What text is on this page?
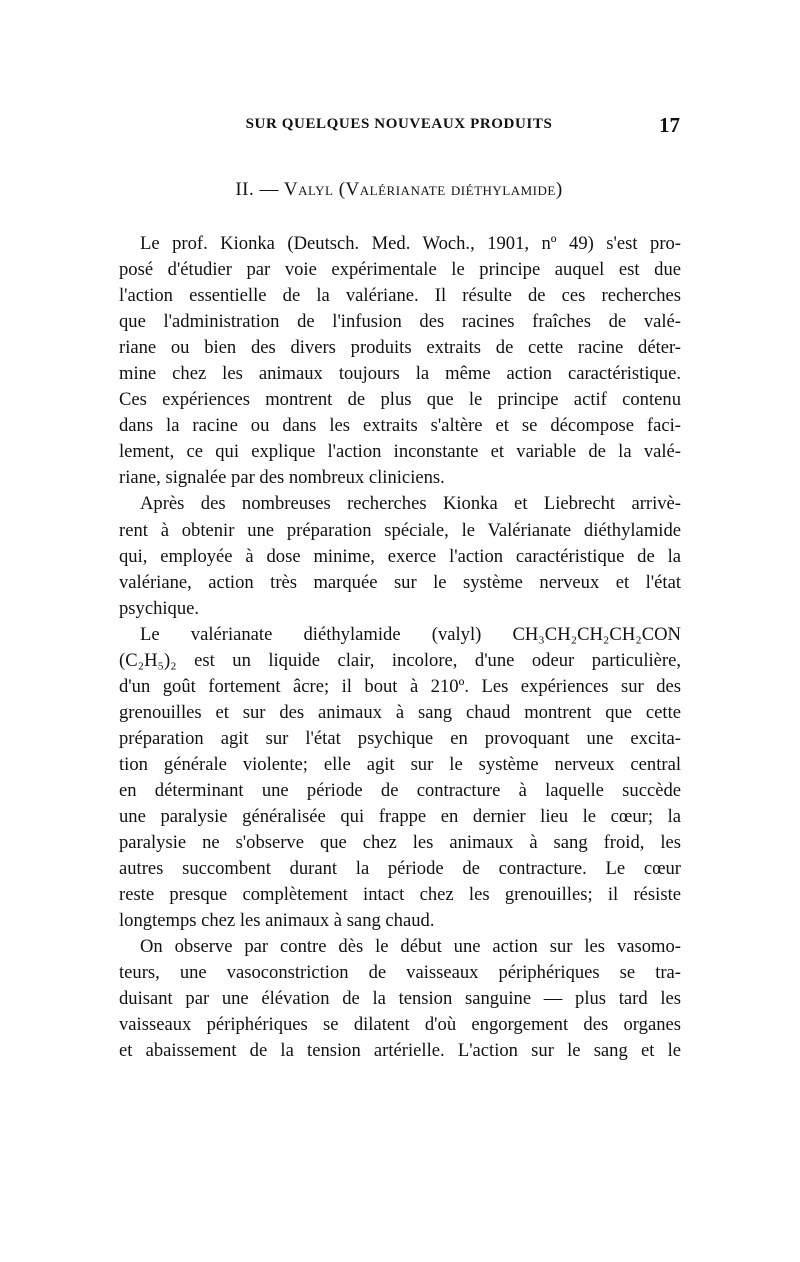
SUR QUELQUES NOUVEAUX PRODUITS	17
II. — Valyl (Valérianate diéthylamide)
Le prof. Kionka (Deutsch. Med. Woch., 1901, nº 49) s'est pro-
posé d'étudier par voie expérimentale le principe auquel est due
l'action essentielle de la valériane. Il résulte de ces recherches
que l'administration de l'infusion des racines fraîches de valé-
riane ou bien des divers produits extraits de cette racine déter-
mine chez les animaux toujours la même action caractéristique.
Ces expériences montrent de plus que le principe actif contenu
dans la racine ou dans les extraits s'altère et se décompose faci-
lement, ce qui explique l'action inconstante et variable de la valé-
riane, signalée par des nombreux cliniciens.
Après des nombreuses recherches Kionka et Liebrecht arrivè-
rent à obtenir une préparation spéciale, le Valérianate diéthylamide
qui, employée à dose minime, exerce l'action caractéristique de la
valériane, action très marquée sur le système nerveux et l'état
psychique.
Le valérianate diéthylamide (valyl) CH₃CH₂CH₂CH₂CON
(C₂H₅)₂ est un liquide clair, incolore, d'une odeur particulière,
d'un goût fortement âcre; il bout à 210º. Les expériences sur des
grenouilles et sur des animaux à sang chaud montrent que cette
préparation agit sur l'état psychique en provoquant une excita-
tion générale violente; elle agit sur le système nerveux central
en déterminant une période de contracture à laquelle succède
une paralysie généralisée qui frappe en dernier lieu le cœur; la
paralysie ne s'observe que chez les animaux à sang froid, les
autres succombent durant la période de contracture. Le cœur
reste presque complètement intact chez les grenouilles; il résiste
longtemps chez les animaux à sang chaud.
On observe par contre dès le début une action sur les vasomo-
teurs, une vasoconstriction de vaisseaux périphériques se tra-
duisant par une élévation de la tension sanguine — plus tard les
vaisseaux périphériques se dilatent d'où engorgement des organes
et abaissement de la tension artérielle. L'action sur le sang et le
